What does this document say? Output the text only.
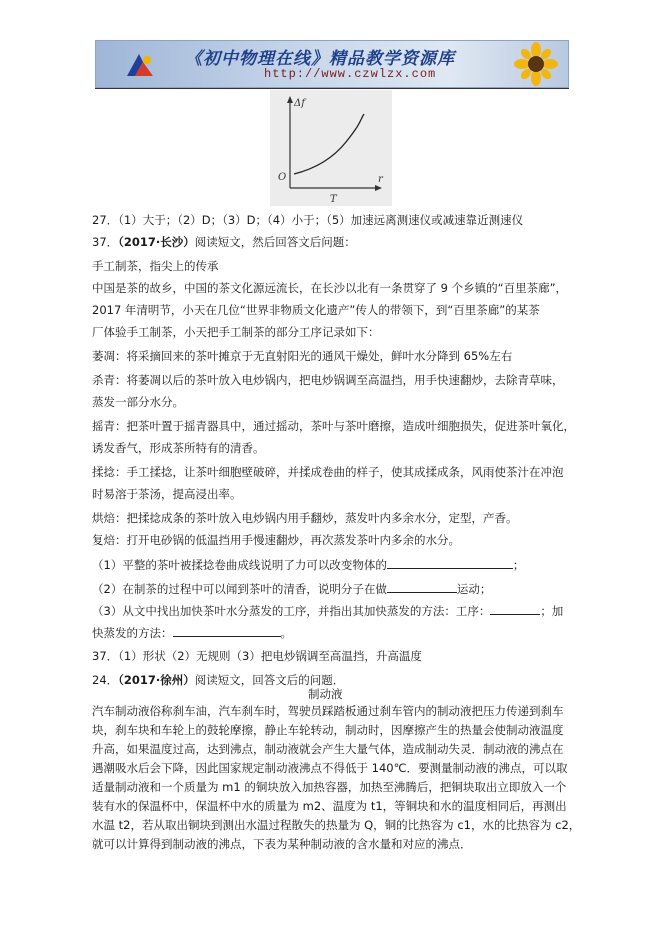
《初中物理在线》精品教学资源库
http://www.czwlzx.com
Δf
r
O
T
27．（1）大于；（2）D；（3）D；（4）小于；（5）加速远离测速仪或减速靠近测速仪
37．（2017·长沙）阅读短文，然后回答文后问题：
手工制茶，指尖上的传承
中国是茶的故乡，中国的茶文化源远流长，在长沙以北有一条贯穿了 9 个乡镇的“百里茶廊”，
2017 年清明节，小天在几位“世界非物质文化遗产”传人的带领下，到“百里茶廊”的某茶
厂体验手工制茶，小天把手工制茶的部分工序记录如下：
萎凋：将采摘回来的茶叶摊京于无直射阳光的通风干燥处，鲜叶水分降到 65%左右
杀青：将萎凋以后的茶叶放入电炒锅内，把电炒锅调至高温挡，用手快速翻炒，去除青草味，
蒸发一部分水分。
摇青：把茶叶置于摇青器具中，通过摇动，茶叶与茶叶磨擦，造成叶细胞损失，促进茶叶氧化，
诱发香气，形成茶所特有的清香。
揉捻：手工揉捻，让茶叶细胞壁破碎，并揉成卷曲的样子，使其成揉成条，风雨使茶汁在冲泡
时易溶于茶汤，提高浸出率。
烘焙：把揉捻成条的茶叶放入电炒锅内用手翻炒，蒸发叶内多余水分，定型，产香。
复焙：打开电砂锅的低温挡用手慢速翻炒，再次蒸发茶叶内多余的水分。
（1）平整的茶叶被揉捻卷曲成线说明了力可以改变物体的	；
（2）在制茶的过程中可以闻到茶叶的清香，说明分子在做	运动；
（3）从文中找出加快茶叶水分蒸发的工序，并指出其加快蒸发的方法：工序：	；加
快蒸发的方法：	。
37．（1）形状（2）无规则（3）把电炒锅调至高温挡，升高温度
24．（2017·徐州）阅读短文，回答文后的问题．
制动液
汽车制动液俗称刹车油，汽车刹车时，驾驶员踩踏板通过刹车管内的制动液把压力传递到刹车
块，刹车块和车轮上的鼓轮摩擦，静止车轮转动，制动时，因摩擦产生的热量会使制动液温度
升高，如果温度过高，达到沸点，制动液就会产生大量气体，造成制动失灵．制动液的沸点在
遇潮吸水后会下降，因此国家规定制动液沸点不得低于 140℃．要测量制动液的沸点，可以取
适量制动液和一个质量为 m1 的铜块放入加热容器，加热至沸腾后，把铜块取出立即放入一个
装有水的保温杯中，保温杯中水的质量为 m2、温度为 t1，等铜块和水的温度相同后，再测出
水温 t2，若从取出铜块到测出水温过程散失的热量为 Q，铜的比热容为 c1，水的比热容为 c2，
就可以计算得到制动液的沸点，下表为某种制动液的含水量和对应的沸点．
